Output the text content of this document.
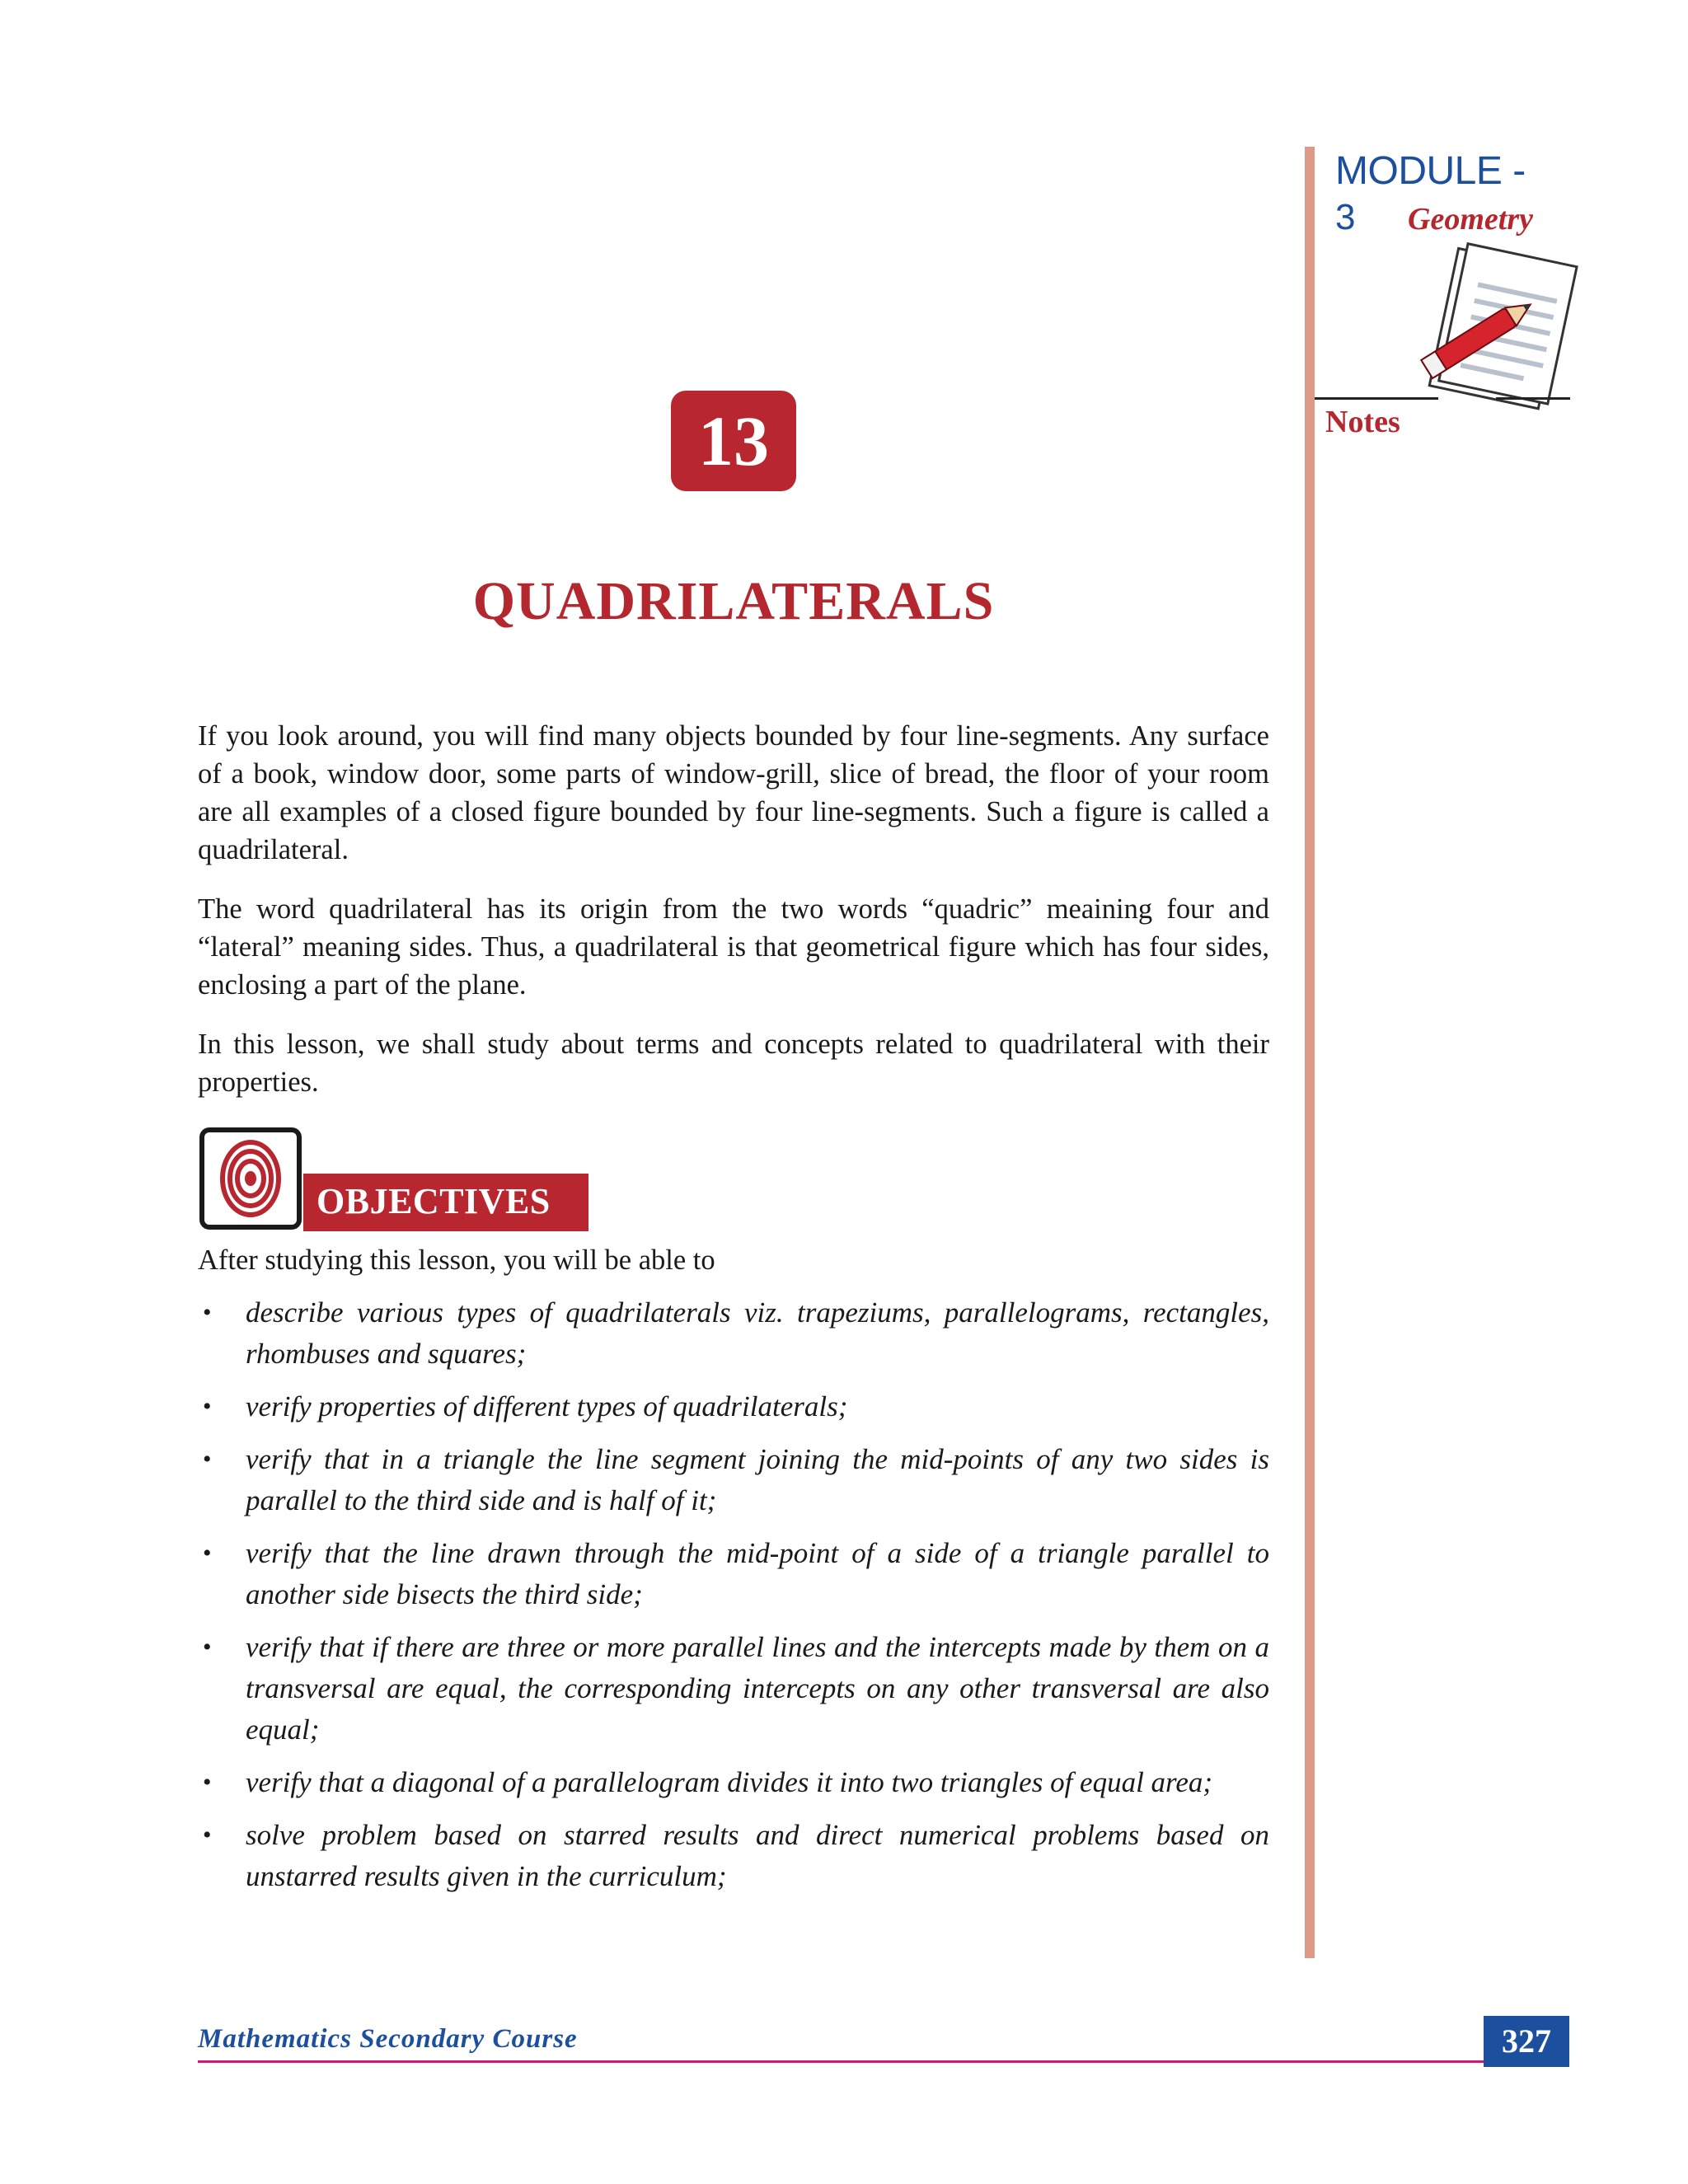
MODULE - 3	Geometry
Notes
13
QUADRILATERALS

If you look around, you will find many objects bounded by four line-segments. Any surface of a book, window door, some parts of window-grill, slice of bread, the floor of your room are all examples of a closed figure bounded by four line-segments. Such a figure is called a quadrilateral.

The word quadrilateral has its origin from the two words “quadric” meaining four and “lateral” meaning sides. Thus, a quadrilateral is that geometrical figure which has four sides, enclosing a part of the plane.

In this lesson, we shall study about terms and concepts related to quadrilateral with their properties.

OBJECTIVES
After studying this lesson, you will be able to
• describe various types of quadrilaterals viz. trapeziums, parallelograms, rectangles, rhombuses and squares;
• verify properties of different types of quadrilaterals;
• verify that in a triangle the line segment joining the mid-points of any two sides is parallel to the third side and is half of it;
• verify that the line drawn through the mid-point of a side of a triangle parallel to another side bisects the third side;
• verify that if there are three or more parallel lines and the intercepts made by them on a transversal are equal, the corresponding intercepts on any other transversal are also equal;
• verify that a diagonal of a parallelogram divides it into two triangles of equal area;
• solve problem based on starred results and direct numerical problems based on unstarred results given in the curriculum;
Mathematics Secondary Course	327
